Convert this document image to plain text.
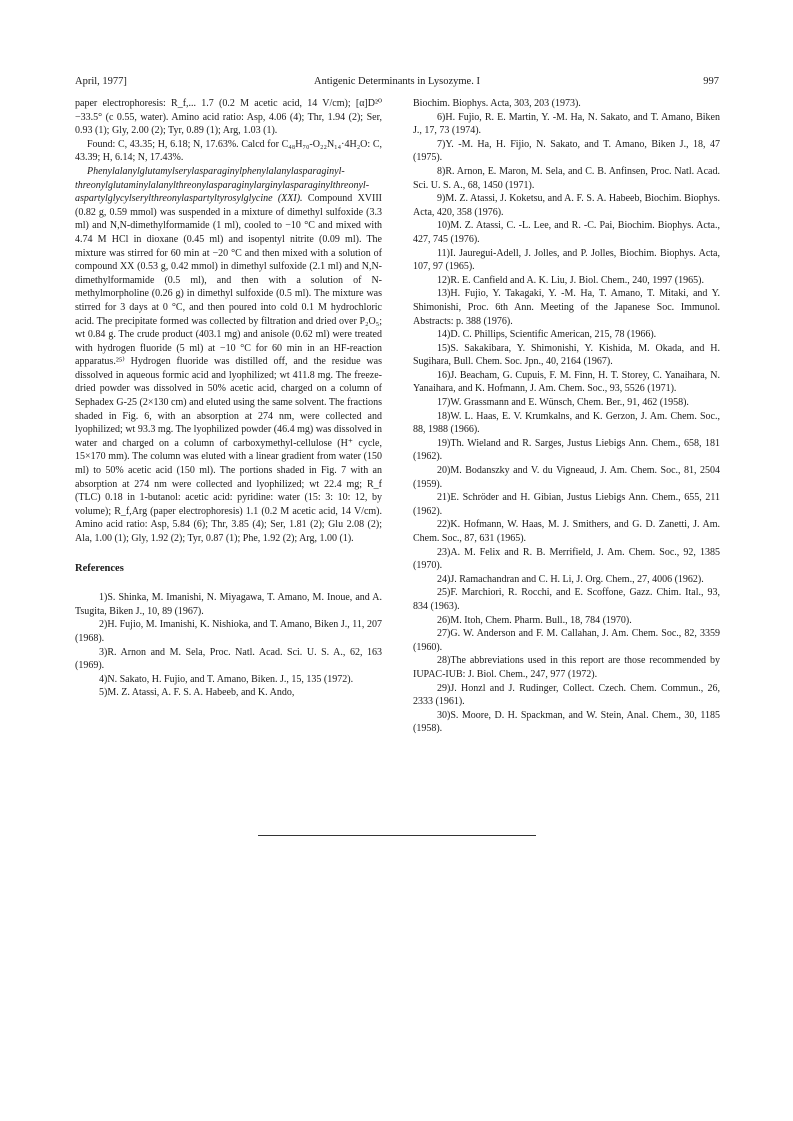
April, 1977]	Antigenic Determinants in Lysozyme. I	997

paper electrophoresis: R_f,... 1.7 (0.2 M acetic acid, 14 V/cm); [α]D²⁰ −33.5° (c 0.55, water). Amino acid ratio: Asp, 4.06 (4); Thr, 1.94 (2); Ser, 0.93 (1); Gly, 2.00 (2); Tyr, 0.89 (1); Arg, 1.03 (1).

Found: C, 43.35; H, 6.18; N, 17.63%. Calcd for C₄₈H₇₀-O₂₂N₁₄·4H₂O: C, 43.39; H, 6.14; N, 17.43%.

Phenylalanylglutamylserylasparaginylphenylalanylasparaginyl-threonylglutaminylalanylthreonylasparaginylarginylasparaginylthreonyl-aspartylglycylserylthreonylaspartyltyrosylglycine (XXI). Compound XVIII (0.82 g, 0.59 mmol) was suspended in a mixture of dimethyl sulfoxide (3.3 ml) and N,N-dimethylformamide (1 ml), cooled to −10 °C and mixed with 4.74 M HCl in dioxane (0.45 ml) and isopentyl nitrite (0.09 ml). The mixture was stirred for 60 min at −20 °C and then mixed with a solution of compound XX (0.53 g, 0.42 mmol) in dimethyl sulfoxide (2.1 ml) and N,N-dimethylformamide (0.5 ml), and then with a solution of N-methylmorpholine (0.26 g) in dimethyl sulfoxide (0.5 ml). The mixture was stirred for 3 days at 0 °C, and then poured into cold 0.1 M hydrochloric acid. The precipitate formed was collected by filtration and dried over P₂O₅; wt 0.84 g. The crude product (403.1 mg) and anisole (0.62 ml) were treated with hydrogen fluoride (5 ml) at −10 °C for 60 min in an HF-reaction apparatus.²⁵⁾ Hydrogen fluoride was distilled off, and the residue was dissolved in aqueous formic acid and lyophilized; wt 411.8 mg. The freeze-dried powder was dissolved in 50% acetic acid, charged on a column of Sephadex G-25 (2×130 cm) and eluted using the same solvent. The fractions shaded in Fig. 6, with an absorption at 274 nm, were collected and lyophilized; wt 93.3 mg. The lyophilized powder (46.4 mg) was dissolved in water and charged on a column of carboxymethyl-cellulose (H⁺ cycle, 15×170 mm). The column was eluted with a linear gradient from water (150 ml) to 50% acetic acid (150 ml). The portions shaded in Fig. 7 with an absorption at 274 nm were collected and lyophilized; wt 22.4 mg; R_f (TLC) 0.18 in 1-butanol: acetic acid: pyridine: water (15: 3: 10: 12, by volume); R_f,Arg (paper electrophoresis) 1.1 (0.2 M acetic acid, 14 V/cm). Amino acid ratio: Asp, 5.84 (6); Thr, 3.85 (4); Ser, 1.81 (2); Glu 2.08 (2); Ala, 1.00 (1); Gly, 1.92 (2); Tyr, 0.87 (1); Phe, 1.92 (2); Arg, 1.00 (1).

References
1)S. Shinka, M. Imanishi, N. Miyagawa, T. Amano, M. Inoue, and A. Tsugita, Biken J., 10, 89 (1967).
2)H. Fujio, M. Imanishi, K. Nishioka, and T. Amano, Biken J., 11, 207 (1968).
3)R. Arnon and M. Sela, Proc. Natl. Acad. Sci. U. S. A., 62, 163 (1969).
4)N. Sakato, H. Fujio, and T. Amano, Biken. J., 15, 135 (1972).
5)M. Z. Atassi, A. F. S. A. Habeeb, and K. Ando,
Biochim. Biophys. Acta, 303, 203 (1973).
6)H. Fujio, R. E. Martin, Y. -M. Ha, N. Sakato, and T. Amano, Biken J., 17, 73 (1974).
7)Y. -M. Ha, H. Fijio, N. Sakato, and T. Amano, Biken J., 18, 47 (1975).
8)R. Arnon, E. Maron, M. Sela, and C. B. Anfinsen, Proc. Natl. Acad. Sci. U. S. A., 68, 1450 (1971).
9)M. Z. Atassi, J. Koketsu, and A. F. S. A. Habeeb, Biochim. Biophys. Acta, 420, 358 (1976).
10)M. Z. Atassi, C. -L. Lee, and R. -C. Pai, Biochim. Biophys. Acta., 427, 745 (1976).
11)I. Jauregui-Adell, J. Jolles, and P. Jolles, Biochim. Biophys. Acta, 107, 97 (1965).
12)R. E. Canfield and A. K. Liu, J. Biol. Chem., 240, 1997 (1965).
13)H. Fujio, Y. Takagaki, Y. -M. Ha, T. Amano, T. Mitaki, and Y. Shimonishi, Proc. 6th Ann. Meeting of the Japanese Soc. Immunol. Abstracts: p. 388 (1976).
14)D. C. Phillips, Scientific American, 215, 78 (1966).
15)S. Sakakibara, Y. Shimonishi, Y. Kishida, M. Okada, and H. Sugihara, Bull. Chem. Soc. Jpn., 40, 2164 (1967).
16)J. Beacham, G. Cupuis, F. M. Finn, H. T. Storey, C. Yanaihara, N. Yanaihara, and K. Hofmann, J. Am. Chem. Soc., 93, 5526 (1971).
17)W. Grassmann and E. Wünsch, Chem. Ber., 91, 462 (1958).
18)W. L. Haas, E. V. Krumkalns, and K. Gerzon, J. Am. Chem. Soc., 88, 1988 (1966).
19)Th. Wieland and R. Sarges, Justus Liebigs Ann. Chem., 658, 181 (1962).
20)M. Bodanszky and V. du Vigneaud, J. Am. Chem. Soc., 81, 2504 (1959).
21)E. Schröder and H. Gibian, Justus Liebigs Ann. Chem., 655, 211 (1962).
22)K. Hofmann, W. Haas, M. J. Smithers, and G. D. Zanetti, J. Am. Chem. Soc., 87, 631 (1965).
23)A. M. Felix and R. B. Merrifield, J. Am. Chem. Soc., 92, 1385 (1970).
24)J. Ramachandran and C. H. Li, J. Org. Chem., 27, 4006 (1962).
25)F. Marchiori, R. Rocchi, and E. Scoffone, Gazz. Chim. Ital., 93, 834 (1963).
26)M. Itoh, Chem. Pharm. Bull., 18, 784 (1970).
27)G. W. Anderson and F. M. Callahan, J. Am. Chem. Soc., 82, 3359 (1960).
28)The abbreviations used in this report are those recommended by IUPAC-IUB: J. Biol. Chem., 247, 977 (1972).
29)J. Honzl and J. Rudinger, Collect. Czech. Chem. Commun., 26, 2333 (1961).
30)S. Moore, D. H. Spackman, and W. Stein, Anal. Chem., 30, 1185 (1958).
